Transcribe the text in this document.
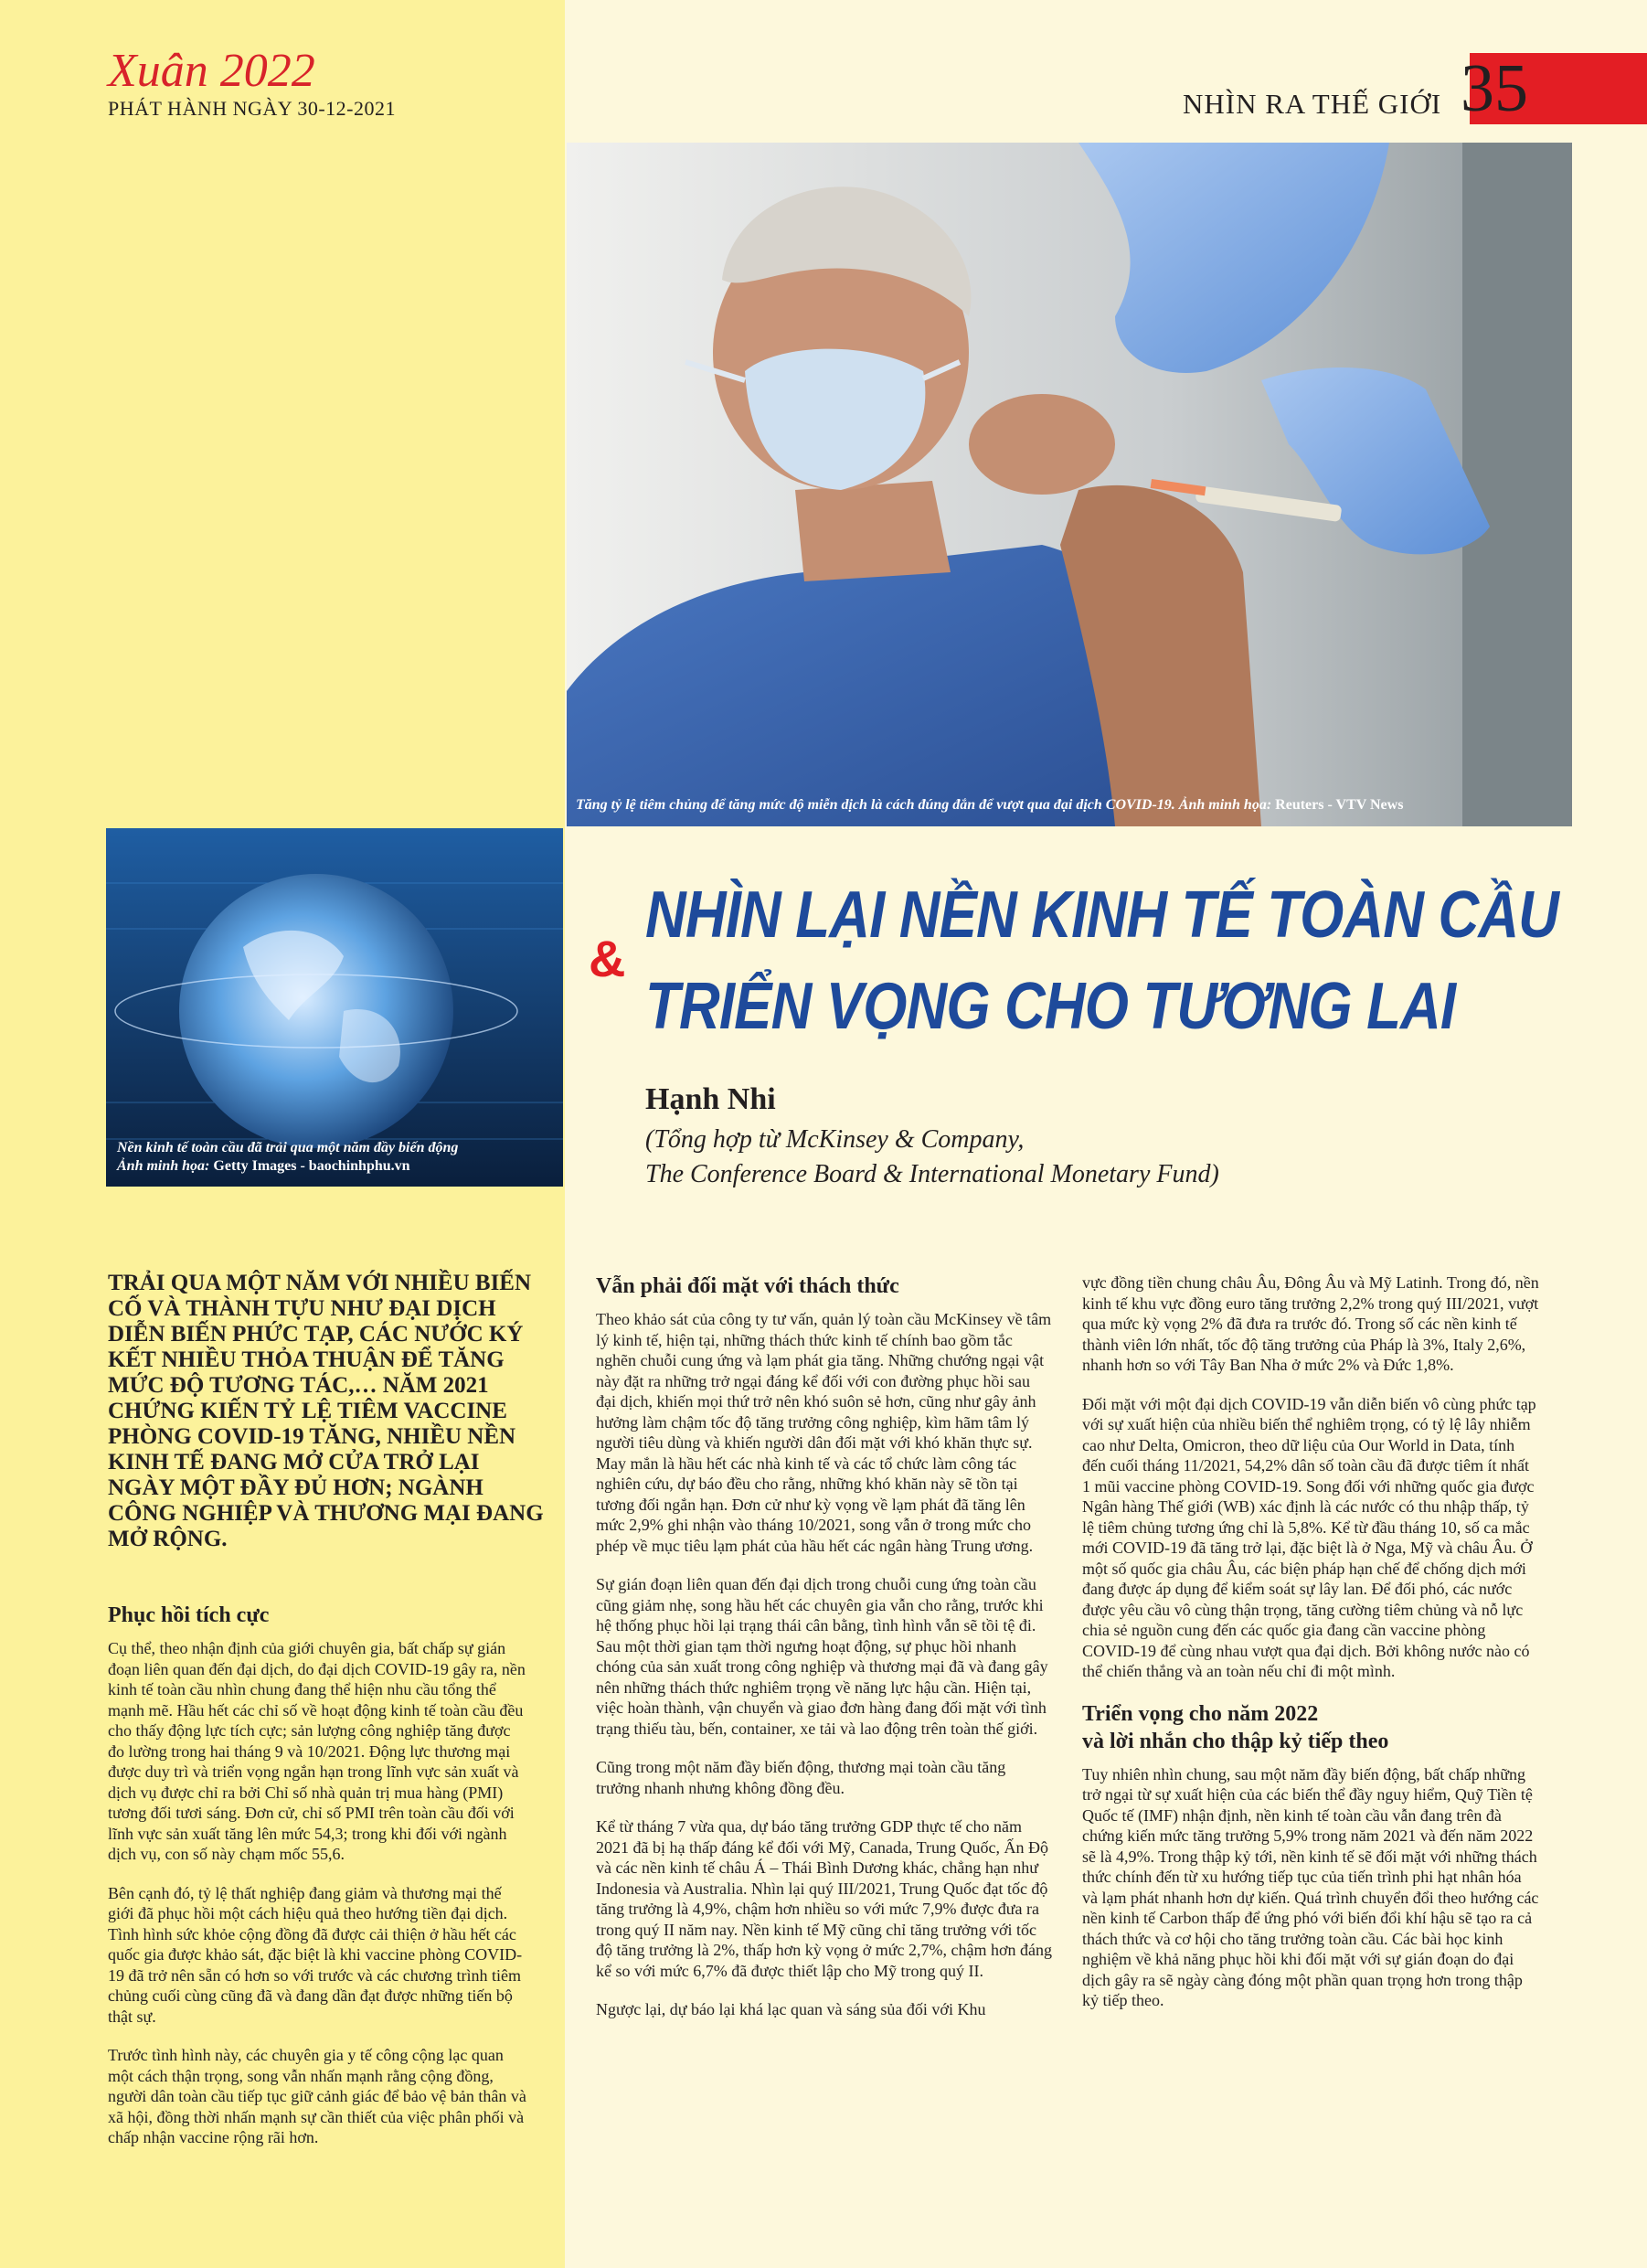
Xuân 2022
PHÁT HÀNH NGÀY 30-12-2021	NHÌN RA THẾ GIỚI 35
Tăng tỷ lệ tiêm chủng để tăng mức độ miễn dịch là cách đúng đắn để vượt qua đại dịch COVID-19. Ảnh minh họa: Reuters - VTV News
Nền kinh tế toàn cầu đã trải qua một năm đầy biến động
Ảnh minh họa: Getty Images - baochinhphu.vn
NHÌN LẠI NỀN KINH TẾ TOÀN CẦU
&
TRIỂN VỌNG CHO TƯƠNG LAI
Hạnh Nhi
(Tổng hợp từ McKinsey & Company,
The Conference Board & International Monetary Fund)
TRẢI QUA MỘT NĂM VỚI NHIỀU BIẾN CỐ VÀ THÀNH TỰU NHƯ ĐẠI DỊCH DIỄN BIẾN PHỨC TẠP, CÁC NƯỚC KÝ KẾT NHIỀU THỎA THUẬN ĐỂ TĂNG MỨC ĐỘ TƯƠNG TÁC,… NĂM 2021 CHỨNG KIẾN TỶ LỆ TIÊM VACCINE PHÒNG COVID-19 TĂNG, NHIỀU NỀN KINH TẾ ĐANG MỞ CỬA TRỞ LẠI NGÀY MỘT ĐẦY ĐỦ HƠN; NGÀNH CÔNG NGHIỆP VÀ THƯƠNG MẠI ĐANG MỞ RỘNG.
Phục hồi tích cực

Cụ thể, theo nhận định của giới chuyên gia, bất chấp sự gián đoạn liên quan đến đại dịch, do đại dịch COVID-19 gây ra, nền kinh tế toàn cầu nhìn chung đang thể hiện nhu cầu tổng thể mạnh mẽ. Hầu hết các chỉ số về hoạt động kinh tế toàn cầu đều cho thấy động lực tích cực; sản lượng công nghiệp tăng được đo lường trong hai tháng 9 và 10/2021. Động lực thương mại được duy trì và triển vọng ngắn hạn trong lĩnh vực sản xuất và dịch vụ được chỉ ra bởi Chỉ số nhà quản trị mua hàng (PMI) tương đối tươi sáng. Đơn cử, chỉ số PMI trên toàn cầu đối với lĩnh vực sản xuất tăng lên mức 54,3; trong khi đối với ngành dịch vụ, con số này chạm mốc 55,6.

Bên cạnh đó, tỷ lệ thất nghiệp đang giảm và thương mại thế giới đã phục hồi một cách hiệu quả theo hướng tiền đại dịch. Tình hình sức khỏe cộng đồng đã được cải thiện ở hầu hết các quốc gia được khảo sát, đặc biệt là khi vaccine phòng COVID-19 đã trở nên sẵn có hơn so với trước và các chương trình tiêm chủng cuối cùng cũng đã và đang dần đạt được những tiến bộ thật sự.

Trước tình hình này, các chuyên gia y tế công cộng lạc quan một cách thận trọng, song vẫn nhấn mạnh rằng cộng đồng, người dân toàn cầu tiếp tục giữ cảnh giác để bảo vệ bản thân và xã hội, đồng thời nhấn mạnh sự cần thiết của việc phân phối và chấp nhận vaccine rộng rãi hơn.

Vẫn phải đối mặt với thách thức

Theo khảo sát của công ty tư vấn, quản lý toàn cầu McKinsey về tâm lý kinh tế, hiện tại, những thách thức kinh tế chính bao gồm tắc nghẽn chuỗi cung ứng và lạm phát gia tăng. Những chướng ngại vật này đặt ra những trở ngại đáng kể đối với con đường phục hồi sau đại dịch, khiến mọi thứ trở nên khó suôn sẻ hơn, cũng như gây ảnh hưởng làm chậm tốc độ tăng trưởng công nghiệp, kìm hãm tâm lý người tiêu dùng và khiến người dân đối mặt với khó khăn thực sự. May mắn là hầu hết các nhà kinh tế và các tổ chức làm công tác nghiên cứu, dự báo đều cho rằng, những khó khăn này sẽ tồn tại tương đối ngắn hạn. Đơn cử như kỳ vọng về lạm phát đã tăng lên mức 2,9% ghi nhận vào tháng 10/2021, song vẫn ở trong mức cho phép về mục tiêu lạm phát của hầu hết các ngân hàng Trung ương.

Sự gián đoạn liên quan đến đại dịch trong chuỗi cung ứng toàn cầu cũng giảm nhẹ, song hầu hết các chuyên gia vẫn cho rằng, trước khi hệ thống phục hồi lại trạng thái cân bằng, tình hình vẫn sẽ tồi tệ đi. Sau một thời gian tạm thời ngưng hoạt động, sự phục hồi nhanh chóng của sản xuất trong công nghiệp và thương mại đã và đang gây nên những thách thức nghiêm trọng về năng lực hậu cần. Hiện tại, việc hoàn thành, vận chuyển và giao đơn hàng đang đối mặt với tình trạng thiếu tàu, bến, container, xe tải và lao động trên toàn thế giới.

Cũng trong một năm đầy biến động, thương mại toàn cầu tăng trưởng nhanh nhưng không đồng đều.

Kể từ tháng 7 vừa qua, dự báo tăng trưởng GDP thực tế cho năm 2021 đã bị hạ thấp đáng kể đối với Mỹ, Canada, Trung Quốc, Ấn Độ và các nền kinh tế châu Á – Thái Bình Dương khác, chẳng hạn như Indonesia và Australia. Nhìn lại quý III/2021, Trung Quốc đạt tốc độ tăng trưởng là 4,9%, chậm hơn nhiều so với mức 7,9% được đưa ra trong quý II năm nay. Nền kinh tế Mỹ cũng chỉ tăng trưởng với tốc độ tăng trưởng là 2%, thấp hơn kỳ vọng ở mức 2,7%, chậm hơn đáng kể so với mức 6,7% đã được thiết lập cho Mỹ trong quý II.

Ngược lại, dự báo lại khá lạc quan và sáng sủa đối với Khu

vực đồng tiền chung châu Âu, Đông Âu và Mỹ Latinh. Trong đó, nền kinh tế khu vực đồng euro tăng trưởng 2,2% trong quý III/2021, vượt qua mức kỳ vọng 2% đã đưa ra trước đó. Trong số các nền kinh tế thành viên lớn nhất, tốc độ tăng trưởng của Pháp là 3%, Italy 2,6%, nhanh hơn so với Tây Ban Nha ở mức 2% và Đức 1,8%.

Đối mặt với một đại dịch COVID-19 vẫn diễn biến vô cùng phức tạp với sự xuất hiện của nhiều biến thể nghiêm trọng, có tỷ lệ lây nhiễm cao như Delta, Omicron, theo dữ liệu của Our World in Data, tính đến cuối tháng 11/2021, 54,2% dân số toàn cầu đã được tiêm ít nhất 1 mũi vaccine phòng COVID-19. Song đối với những quốc gia được Ngân hàng Thế giới (WB) xác định là các nước có thu nhập thấp, tỷ lệ tiêm chủng tương ứng chỉ là 5,8%. Kể từ đầu tháng 10, số ca mắc mới COVID-19 đã tăng trở lại, đặc biệt là ở Nga, Mỹ và châu Âu. Ở một số quốc gia châu Âu, các biện pháp hạn chế để chống dịch mới đang được áp dụng để kiểm soát sự lây lan. Để đối phó, các nước được yêu cầu vô cùng thận trọng, tăng cường tiêm chủng và nỗ lực chia sẻ nguồn cung đến các quốc gia đang cần vaccine phòng COVID-19 để cùng nhau vượt qua đại dịch. Bởi không nước nào có thể chiến thắng và an toàn nếu chỉ đi một mình.

Triển vọng cho năm 2022
và lời nhắn cho thập kỷ tiếp theo

Tuy nhiên nhìn chung, sau một năm đầy biến động, bất chấp những trở ngại từ sự xuất hiện của các biến thể đầy nguy hiểm, Quỹ Tiền tệ Quốc tế (IMF) nhận định, nền kinh tế toàn cầu vẫn đang trên đà chứng kiến mức tăng trưởng 5,9% trong năm 2021 và đến năm 2022 sẽ là 4,9%. Trong thập kỷ tới, nền kinh tế sẽ đối mặt với những thách thức chính đến từ xu hướng tiếp tục của tiến trình phi hạt nhân hóa và lạm phát nhanh hơn dự kiến. Quá trình chuyển đổi theo hướng các nền kinh tế Carbon thấp để ứng phó với biến đổi khí hậu sẽ tạo ra cả thách thức và cơ hội cho tăng trưởng toàn cầu. Các bài học kinh nghiệm về khả năng phục hồi khi đối mặt với sự gián đoạn do đại dịch gây ra sẽ ngày càng đóng một phần quan trọng hơn trong thập kỷ tiếp theo.
